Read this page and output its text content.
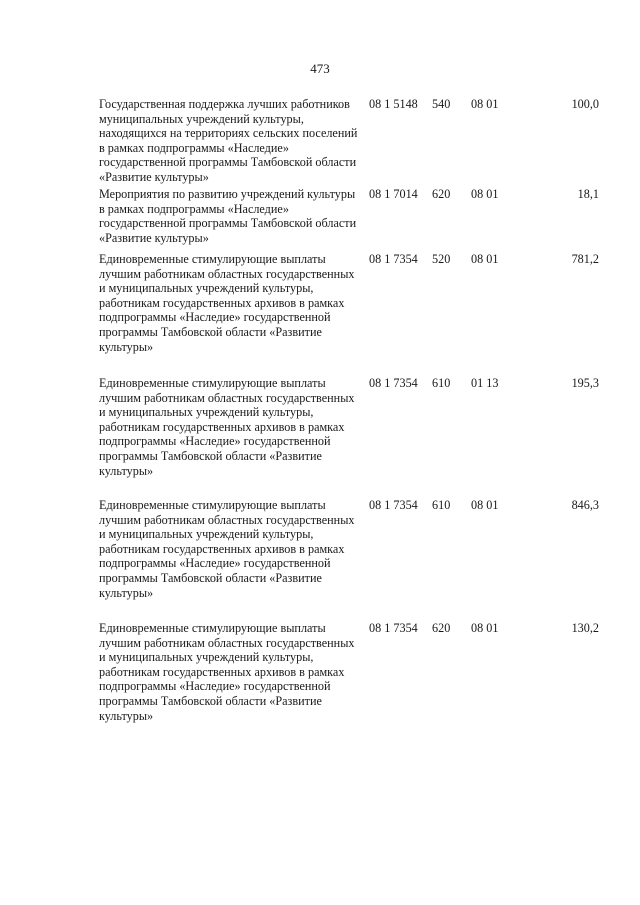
473
Государственная поддержка лучших работников муниципальных учреждений культуры, находящихся на территориях сельских поселений в рамках подпрограммы «Наследие» государственной программы Тамбовской области «Развитие культуры»
08 1 5148 540 08 01	100,0
Мероприятия по развитию учреждений культуры в рамках подпрограммы «Наследие» государственной программы Тамбовской области «Развитие культуры»
08 1 7014 620 08 01	18,1
Единовременные стимулирующие выплаты лучшим работникам областных государственных и муниципальных учреждений культуры, работникам государственных архивов в рамках подпрограммы «Наследие» государственной программы Тамбовской области «Развитие культуры»
08 1 7354 520 08 01	781,2
Единовременные стимулирующие выплаты лучшим работникам областных государственных и муниципальных учреждений культуры, работникам государственных архивов в рамках подпрограммы «Наследие» государственной программы Тамбовской области «Развитие культуры»
08 1 7354 610 01 13	195,3
Единовременные стимулирующие выплаты лучшим работникам областных государственных и муниципальных учреждений культуры, работникам государственных архивов в рамках подпрограммы «Наследие» государственной программы Тамбовской области «Развитие культуры»
08 1 7354 610 08 01	846,3
Единовременные стимулирующие выплаты лучшим работникам областных государственных и муниципальных учреждений культуры, работникам государственных архивов в рамках подпрограммы «Наследие» государственной программы Тамбовской области «Развитие культуры»
08 1 7354 620 08 01	130,2
